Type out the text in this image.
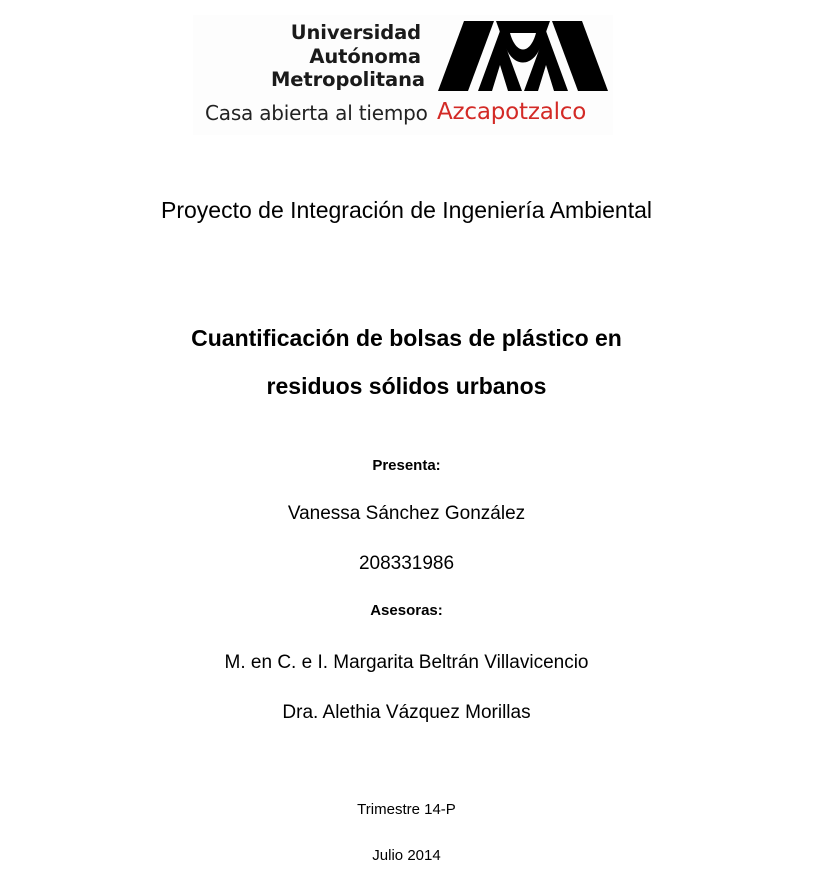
Universidad
Autónoma
Metropolitana
Casa abierta al tiempo Azcapotzalco
Proyecto de Integración de Ingeniería Ambiental
Cuantificación de bolsas de plástico en
residuos sólidos urbanos
Presenta:
Vanessa Sánchez González
208331986
Asesoras:
M. en C. e I. Margarita Beltrán Villavicencio
Dra. Alethia Vázquez Morillas
Trimestre 14-P
Julio 2014
